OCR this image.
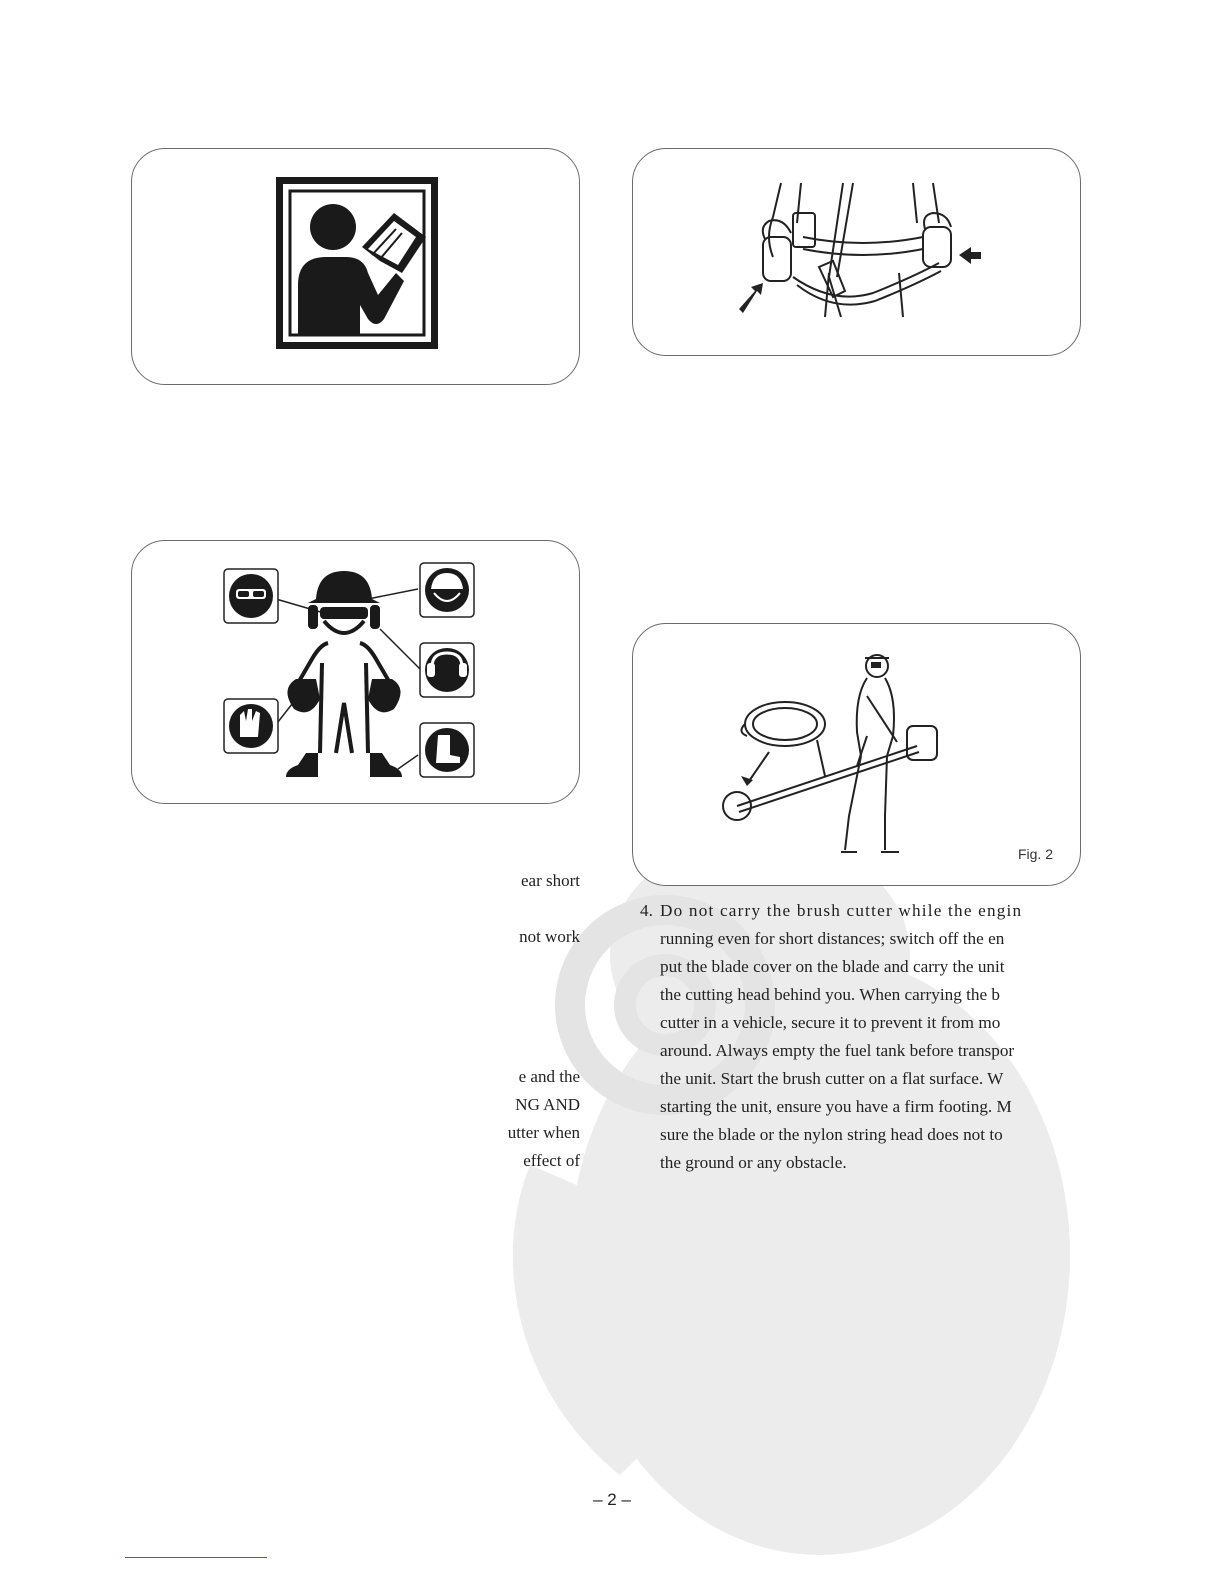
Fig. 2
ear short
not work
e and the
NG AND
utter when
effect of
4. Do not carry the brush cutter while the engin

running even for short distances; switch off the en

put the blade cover on the blade and carry the unit

the cutting head behind you. When carrying the b

cutter in a vehicle, secure it to prevent it from mo

around. Always empty the fuel tank before transpor

the unit. Start the brush cutter on a flat surface. W

starting the unit, ensure you have a firm footing. M

sure the blade or the nylon string head does not to

the ground or any obstacle.

– 2 –
